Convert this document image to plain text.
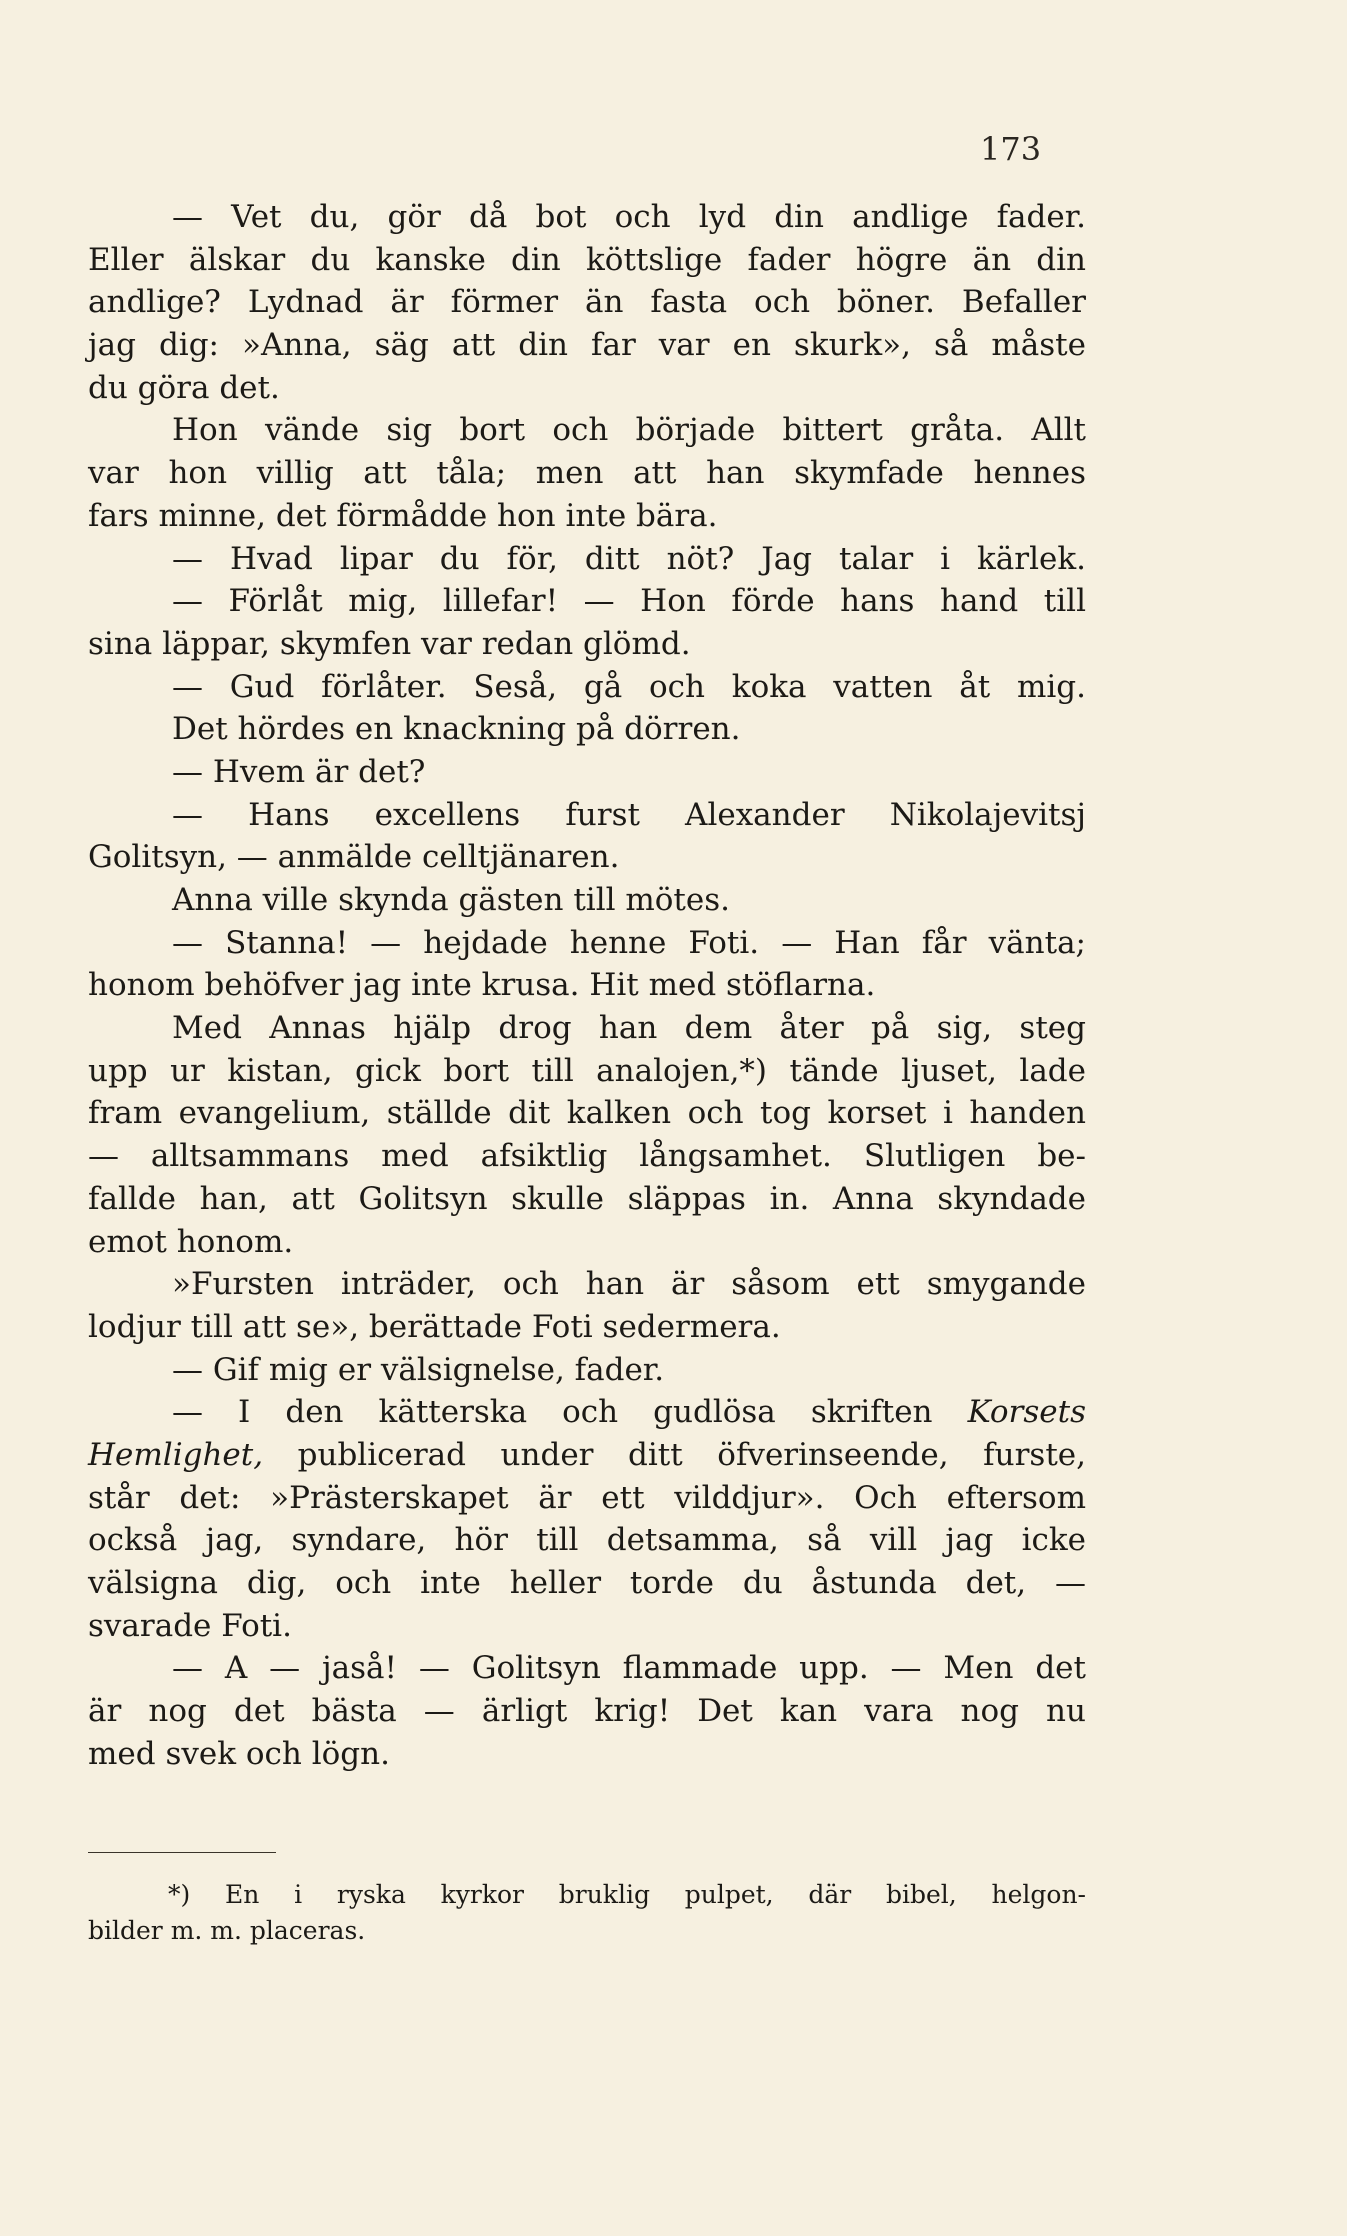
173
— Vet du, gör då bot och lyd din andlige fader.
Eller älskar du kanske din köttslige fader högre än din
andlige? Lydnad är förmer än fasta och böner. Befaller
jag dig: »Anna, säg att din far var en skurk», så måste
du göra det.
Hon vände sig bort och började bittert gråta. Allt
var hon villig att tåla; men att han skymfade hennes
fars minne, det förmådde hon inte bära.
— Hvad lipar du för, ditt nöt? Jag talar i kärlek.
— Förlåt mig, lillefar! — Hon förde hans hand till
sina läppar, skymfen var redan glömd.
— Gud förlåter. Seså, gå och koka vatten åt mig.
Det hördes en knackning på dörren.
— Hvem är det?
— Hans excellens furst Alexander Nikolajevitsj
Golitsyn, — anmälde celltjänaren.
Anna ville skynda gästen till mötes.
— Stanna! — hejdade henne Foti. — Han får vänta;
honom behöfver jag inte krusa. Hit med stöflarna.
Med Annas hjälp drog han dem åter på sig, steg
upp ur kistan, gick bort till analojen,*) tände ljuset, lade
fram evangelium, ställde dit kalken och tog korset i handen
— alltsammans med afsiktlig långsamhet. Slutligen be-
fallde han, att Golitsyn skulle släppas in. Anna skyndade
emot honom.
»Fursten inträder, och han är såsom ett smygande
lodjur till att se», berättade Foti sedermera.
— Gif mig er välsignelse, fader.
— I den kätterska och gudlösa skriften Korsets
Hemlighet, publicerad under ditt öfverinseende, furste,
står det: »Prästerskapet är ett vilddjur». Och eftersom
också jag, syndare, hör till detsamma, så vill jag icke
välsigna dig, och inte heller torde du åstunda det, —
svarade Foti.
— A — jaså! — Golitsyn flammade upp. — Men det
är nog det bästa — ärligt krig! Det kan vara nog nu
med svek och lögn.
*) En i ryska kyrkor bruklig pulpet, där bibel, helgon-
bilder m. m. placeras.
